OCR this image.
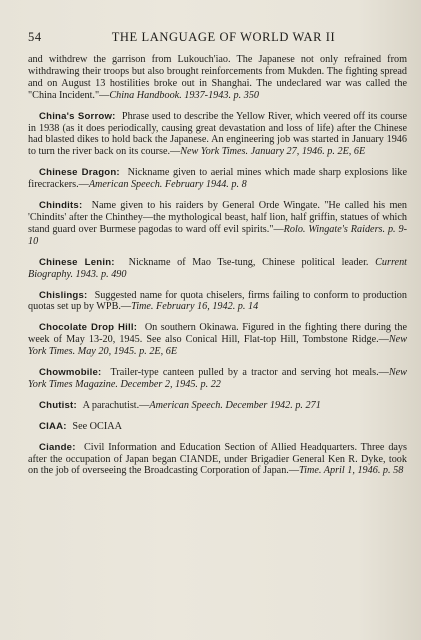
54	THE LANGUAGE OF WORLD WAR II

and withdrew the garrison from Lukouch'iao. The Japanese not only refrained from withdrawing their troops but also brought reinforcements from Mukden. The fighting spread and on August 13 hostilities broke out in Shanghai. The undeclared war was called the "China Incident."—China Handbook. 1937-1943. p. 350

China's Sorrow:  Phrase used to describe the Yellow River, which veered off its course in 1938 (as it does periodically, causing great devastation and loss of life) after the Chinese had blasted dikes to hold back the Japanese. An engineering job was started in January 1946 to turn the river back on its course.—New York Times. January 27, 1946. p. 2E, 6E

Chinese Dragon:  Nickname given to aerial mines which made sharp explosions like firecrackers.—American Speech. February 1944. p. 8

Chindits:  Name given to his raiders by General Orde Wingate. "He called his men 'Chindits' after the Chinthey—the mythological beast, half lion, half griffin, statues of which stand guard over Burmese pagodas to ward off evil spirits."—Rolo. Wingate's Raiders. p. 9-10

Chinese Lenin:  Nickname of Mao Tse-tung, Chinese political leader. Current Biography. 1943. p. 490

Chislings:  Suggested name for quota chiselers, firms failing to conform to production quotas set up by WPB.—Time. February 16, 1942. p. 14

Chocolate Drop Hill:  On southern Okinawa. Figured in the fighting there during the week of May 13-20, 1945. See also Conical Hill, Flat-top Hill, Tombstone Ridge.—New York Times. May 20, 1945. p. 2E, 6E

Chowmobile:  Trailer-type canteen pulled by a tractor and serving hot meals.—New York Times Magazine. December 2, 1945. p. 22

Chutist:  A parachutist.—American Speech. December 1942. p. 271

CIAA:  See OCIAA

Ciande:  Civil Information and Education Section of Allied Headquarters. Three days after the occupation of Japan began CIANDE, under Brigadier General Ken R. Dyke, took on the job of overseeing the Broadcasting Corporation of Japan.—Time. April 1, 1946. p. 58
